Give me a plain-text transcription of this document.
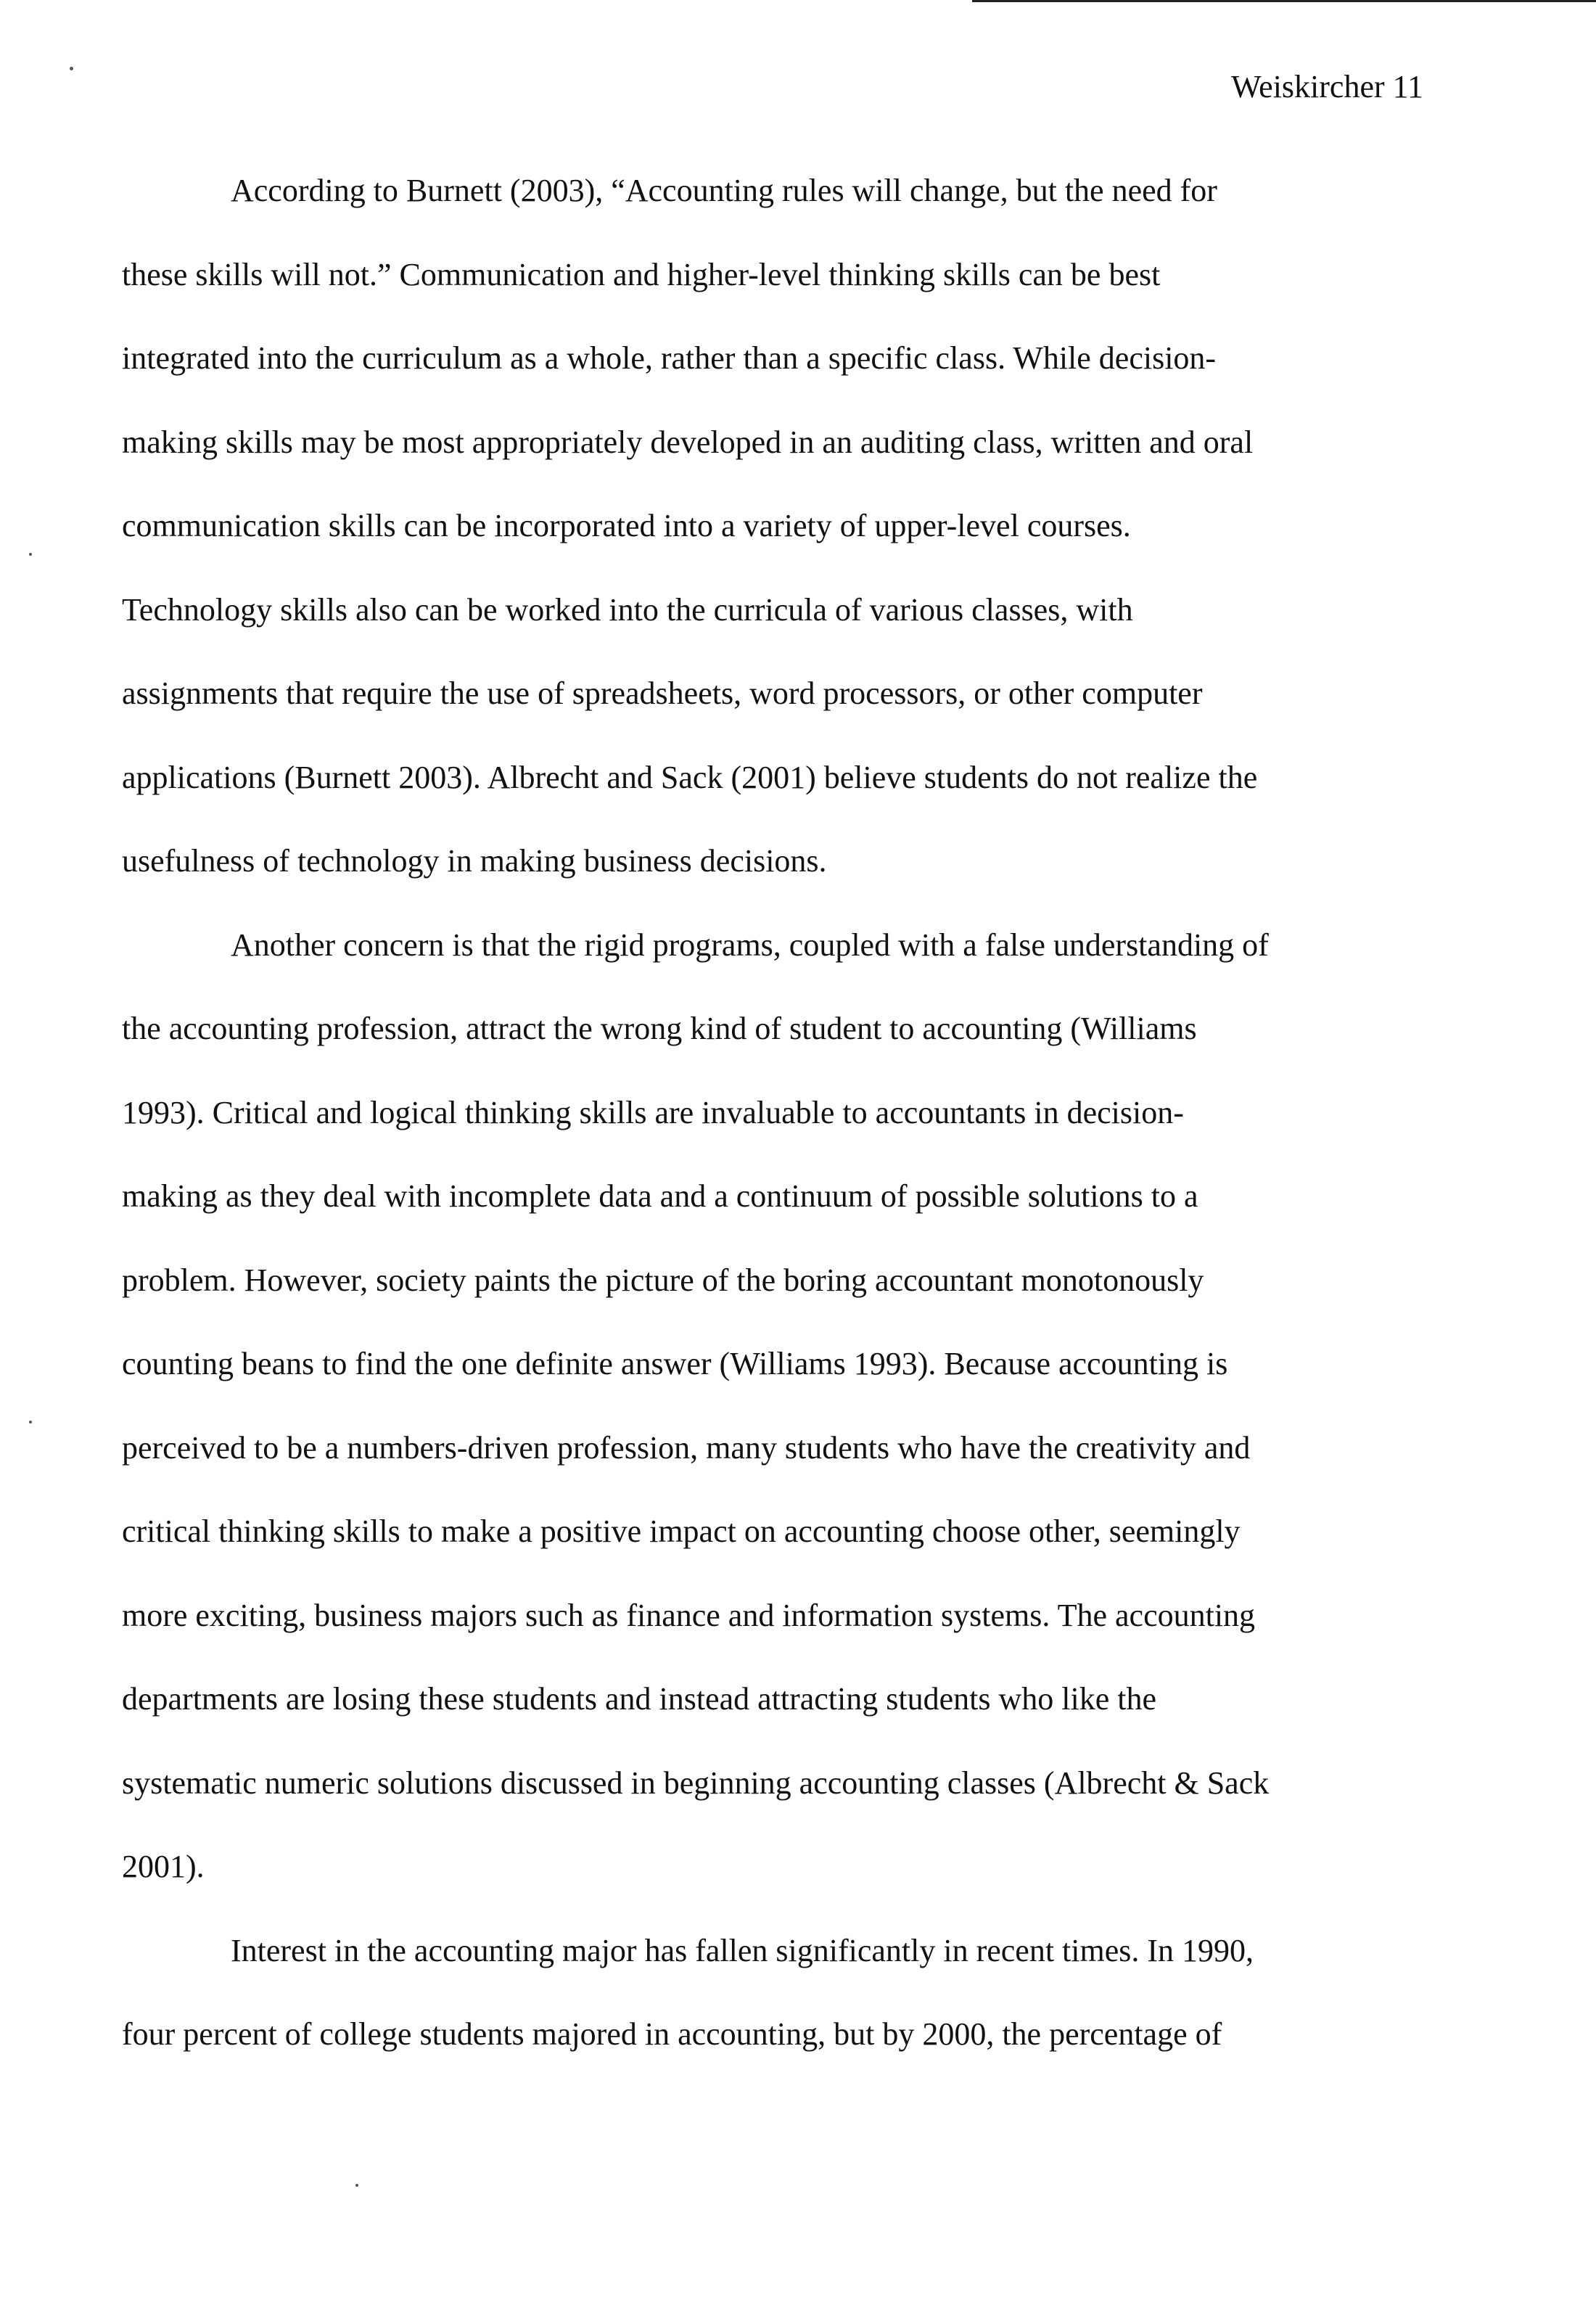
Weiskircher 11
According to Burnett (2003), “Accounting rules will change, but the need for
these skills will not.” Communication and higher-level thinking skills can be best
integrated into the curriculum as a whole, rather than a specific class. While decision-
making skills may be most appropriately developed in an auditing class, written and oral
communication skills can be incorporated into a variety of upper-level courses.
Technology skills also can be worked into the curricula of various classes, with
assignments that require the use of spreadsheets, word processors, or other computer
applications (Burnett 2003). Albrecht and Sack (2001) believe students do not realize the
usefulness of technology in making business decisions.
Another concern is that the rigid programs, coupled with a false understanding of
the accounting profession, attract the wrong kind of student to accounting (Williams
1993). Critical and logical thinking skills are invaluable to accountants in decision-
making as they deal with incomplete data and a continuum of possible solutions to a
problem. However, society paints the picture of the boring accountant monotonously
counting beans to find the one definite answer (Williams 1993). Because accounting is
perceived to be a numbers-driven profession, many students who have the creativity and
critical thinking skills to make a positive impact on accounting choose other, seemingly
more exciting, business majors such as finance and information systems. The accounting
departments are losing these students and instead attracting students who like the
systematic numeric solutions discussed in beginning accounting classes (Albrecht & Sack
2001).
Interest in the accounting major has fallen significantly in recent times. In 1990,
four percent of college students majored in accounting, but by 2000, the percentage of
